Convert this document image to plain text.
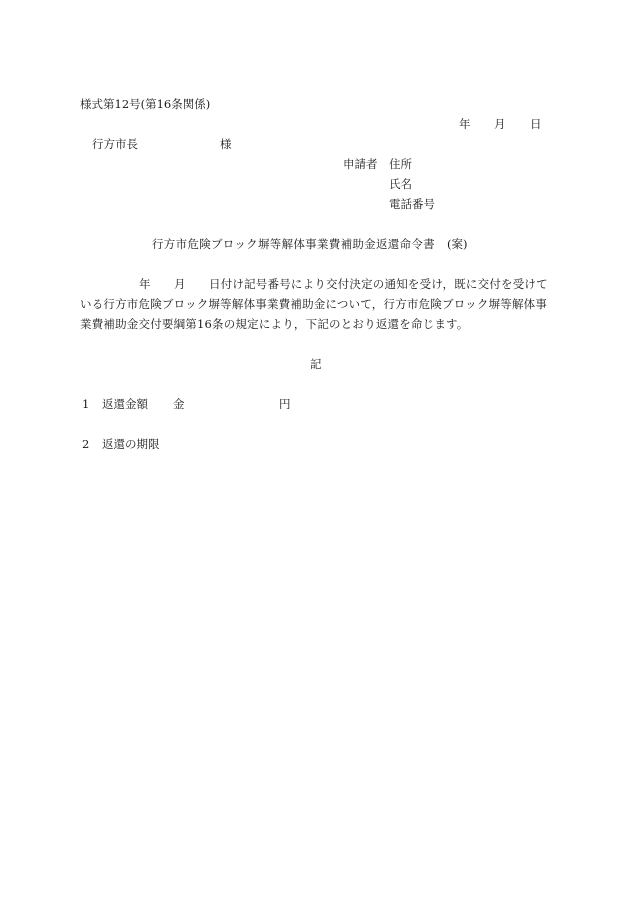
様式第12号(第16条関係)
年 月 日
行方市長	様
申請者 住所
氏名
電話番号
行方市危険ブロック塀等解体事業費補助金返還命令書 (案)
年 月 日付け記号番号により交付決定の通知を受け，既に交付を受けて
いる行方市危険ブロック塀等解体事業費補助金について，行方市危険ブロック塀等解体事
業費補助金交付要綱第16条の規定により，下記のとおり返還を命じます。
記
1 返還金額 金	円
2 返還の期限
